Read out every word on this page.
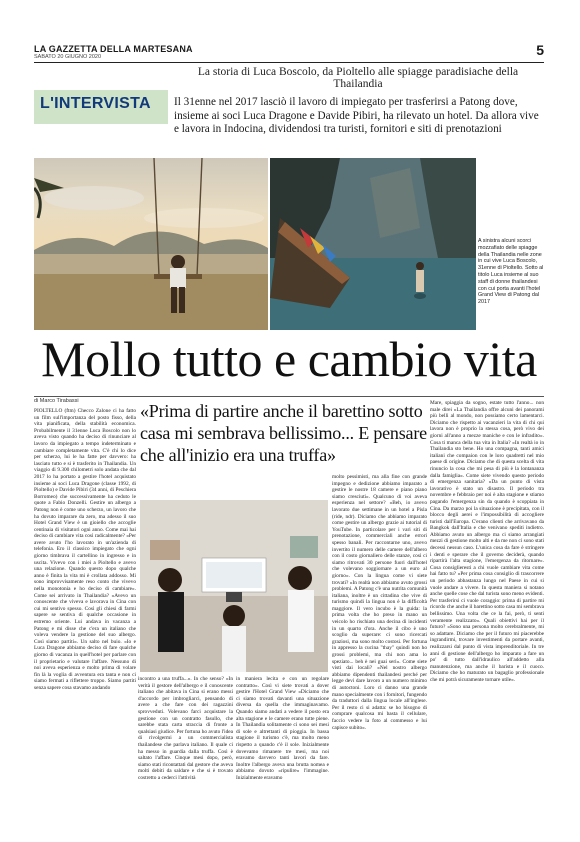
LA GAZZETTA DELLA MARTESANA
SABATO 20 GIUGNO 2020	5
L'INTERVISTA
La storia di Luca Boscolo, da Pioltello alle spiagge paradisiache della Thailandia
Il 31enne nel 2017 lasciò il lavoro di impiegato per trasferirsi a Patong dove, insieme ai soci Luca Dragone e Davide Pibiri, ha rilevato un hotel. Da allora vive e lavora in Indocina, dividendosi tra turisti, fornitori e siti di prenotazioni
A sinistra alcuni scorci mozzafiato delle spiagge della Thailandia nelle zone in cui vive Luca Boscolo, 31enne di Pioltello. Sotto al titolo Luca insieme al suo staff di donne thailandesi con cui porta avanti l'hotel Grand View di Patong dal 2017
Mollo tutto e cambio vita
di Marco Tirabassi	«Prima di partire anche il barettino sotto casa mi sembrava bellissimo... E pensare che all'inizio era una truffa»

PIOLTELLO (ftm) Checco Zalone ci ha fatto un film sull'importanza del posto fisso, della vita pianificata, della stabilità economica. Probabilmente il 31enne Luca Boscolo non lo aveva visto quando ha deciso di rinunciare al lavoro da impiegato a tempo indeterminato e cambiare completamente vita. C'è chi lo dice per scherzo, lui le ha fatte per davvero: ha lasciato tutto e si è trasferito in Thailandia. Un viaggio di 9.300 chilometri solo andata che dal 2017 lo ha portato a gestire l'hotel acquistato insieme ai soci Luca Dragone (classe 1992, di Pioltello) e Davide Pibiri (34 anni, di Peschiera Borromeo) che successivamente ha ceduto le quote a Fabio Donzelli. Gestire un albergo a Patong non è come uno scherzo, un lavoro che ha dovuto imparare da zero, ma adesso il suo Hotel Grand View è un gioiello che accoglie centinaia di visitatori ogni anno. Come mai hai deciso di cambiare vita così radicalmente? «Per avere avuto l'ho lavorato in un'azienda di telefonia. Ero il classico impiegato che ogni giorno timbrava il cartellino in ingresso e in uscita. Vivevo con i miei a Pioltello e avevo una relazione. Quando questo dopo qualche anno è finita la vita mi è crollata addosso. Mi sono improvvisamente reso conto che vivevo nella monotonia e ho deciso di cambiare». Come sei arrivato in Thailandia? «Avevo un conoscente che viveva e lavorava in Cina con cui mi sentivo spesso. Così gli chiesi di farmi sapere se sentiva di qualche occasione in estremo oriente. Lui andava in vacanza a Patong e mi disse che c'era un italiano che voleva vendere la gestione del suo albergo. Così siamo partiti». Un salto nel buio. «Io e Luca Dragone abbiamo deciso di fare qualche giorno di vacanza in quell'hotel per parlare con il proprietario e valutare l'affare. Nessuno di noi aveva esperienza e molto prima di volare fin là la voglia di avventura era tanta e non ci siamo fermati a riflettere troppo. Siamo partiti senza sapere cosa stavamo andando

incontro a una truffa...». In che senso? «In verità il gestore dell'albergo e il conoscente italiano che abitava in Cina si erano messi d'accordo per imbrogliarci, pensando di avere a che fare con dei ragazzini sprovveduti. Volevano farci acquistare la gestione con un contratto fasullo, che sarebbe stata carta straccia di fronte a qualsiasi giudice. Per fortuna ho avuto l'idea di rivolgermi a un commercialista thailandese che parlava italiano. Il quale ci ha messo in guardia dalla truffa. Così è saltato l'affare. Cinque mesi dopo, però, siamo stati ricontattati dal gestore che aveva molti debiti da saldare e che si è trovato costretto a cederci l'attività

in maniera lecita e con un regolare contratto». Così vi siete trovati a dover gestire l'Hotel Grand View «Diciamo che ci siamo trovati davanti una situazione diversa da quella che immaginavamo. Quando siamo andati a vedere il posto era alta stagione e le camere erano tutte piene. In Thailandia solitamente ci sono sei mesi di sole e altrettanti di pioggia. In bassa stagione il turismo c'è, ma molto meno rispetto a quando c'è il sole. Inizialmente dovevamo rimanere tre mesi, ma noi eravamo davvero tanti lavori da fare. Inoltre l'albergo aveva una brutta nomea e abbiamo dovuto «ripulire» l'immagine. Inizialmente eravamo

molto pessimisti, ma alla fine con grande impegno e dedizione abbiamo imparato a gestire le nostre 18 camere e piano piano siamo cresciuti». Qualcuno di voi aveva esperienza nel settore? «Beh, io avevo lavorato due settimane in un hotel a Pisla (ride, ndr). Diciamo che abbiamo imparato come gestire un albergo grazie ai tutorial di YouTube. In particolare per i vari siti di prenotazione, commerciali anche errori spesso banali. Per raccontarne uno, avevo invertito il numero delle camere dell'albero con il costo giornaliero delle stanze, così ci siamo ritrovati 30 persone fuori dall'hotel che volevano soggiornare a un euro al giorno». Con la lingua come vi siete trovati? «In realtà non abbiamo avuto grossi problemi. A Patong c'è una nutrita comunità italiana, inoltre è un cittadina che vive di turismo quindi la lingua non è la difficoltà maggiore. Il vero incubo è la guida: la prima volta che ho preso in mano un veicolo ho rischiato una decina di incidenti in un quarto d'ora. Anche il cibo è uno scoglio da superare: ci sono ricercati graziosi, ma sono molto costosi. Per fortuna in appresso la cucina "thay" quindi non ho grossi problemi, ma chi non ama lo speziato... beh è nei guai seri». Come siete visti dai locali? «Nel nostro albergo abbiamo dipendenti thailandesi perché per legge devi dare lavoro a un numero minimo di autoctoni. Loro ci danno una grande mano specialmente con i fornitori, fungendo da traduttori dalla lingua locale all'inglese. Per il resto ci si adatta: se ho bisogno di comprare qualcosa mi basta il cellulare, faccio vedere la foto al commesso e lui capisce subito».

Mare, spiaggia da sogno, estate tutto l'anno... non male direi «La Thailandia offre alcuni dei panorami più belli al mondo, non possiamo certo lamentarci. Diciamo che rispetto ai vacanzieri la vita di chi qui lavora non è proprio la stessa cosa, però vivo dei giorni all'anno a mezze maniche e con le infradito». Cosa ti manca della tua vita in Italia? «In realtà io in Thailandia sto bene. Ho una compagna, tanti amici italiani che compaion con le loro quadretti nel mio paese di origine. Diciamo che di questa scelta di vita rinuncio la cosa che mi pesa di più è la lontananza dalla famiglia». Come siete vivendo questo periodo di emergenza sanitaria? «Da un punto di vista lavorativo è stato un disastro. Il periodo tra novembre e febbraio per noi è alta stagione e stiamo pagando l'emergenza sin da quando è scoppiata in Cina. Da marzo poi la situazione è precipitata, con il blocco degli aerei e l'impossibilità di accogliere turisti dall'Europa. C'erano clienti che arrivavano da Bangkok dall'Italia e che venivano spediti indietro. Abbiamo avuto un albergo ma ci siamo arrangiati mezzi di gestione molto alti e da me non ci sono stati decessi nessun caso. L'unica cosa da fare è stringere i denti e sperare che il governo deciderà, quando ripartirà l'alta stagione, l'emergenza da ritornare». Cosa consiglieresti a chi vuole cambiare vita come hai fatto tu? «Per prima cosa consiglio di trascorrere un periodo abbastanza lungo nel Paese in cui si vuole andare a vivere. In questa maniera si notano anche quelle cose che dal turista sono meno evidenti. Per trasferirsi ci vuole coraggio: prima di partire mi ricordo che anche il barettino sotto casa mi sembrava bellissimo. Una volta che ce la fai, però, ti senti veramente realizzato». Quali obiettivi hai per il futuro? «Sono una persona molto cerebralmente, mi so adattare. Diciamo che per il futuro mi piacerebbe ingrandirmi, trovare investimenti da portare avanti, realizzarsi dal punto di vista imprenditoriale. In tre anni di gestione dell'albergo ho imparato a fare un po' di tutto dall'idraulico all'addetto alla manutenzione, ma anche il barista e il cuoco. Diciamo che ho maturato un bagaglio professionale che mi potrà sicuramente tornare utile».
